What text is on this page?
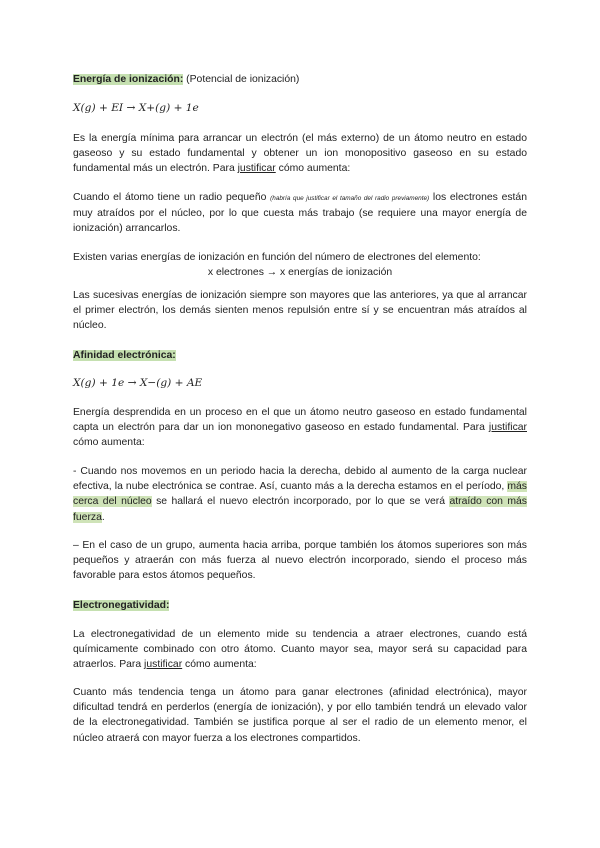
Energía de ionización: (Potencial de ionización)

X(g) + EI → X+(g) + 1e

Es la energía mínima para arrancar un electrón (el más externo) de un átomo neutro en estado gaseoso y su estado fundamental y obtener un ion monopositivo gaseoso en su estado fundamental más un electrón. Para justificar cómo aumenta:

Cuando el átomo tiene un radio pequeño (habría que justificar el tamaño del radio previamente) los electrones están muy atraídos por el núcleo, por lo que cuesta más trabajo (se requiere una mayor energía de ionización) arrancarlos.

Existen varias energías de ionización en función del número de electrones del elemento:

x electrones → x energías de ionización

Las sucesivas energías de ionización siempre son mayores que las anteriores, ya que al arrancar el primer electrón, los demás sienten menos repulsión entre sí y se encuentran más atraídos al núcleo.

Afinidad electrónica:

X(g) + 1e → X−(g) + AE

Energía desprendida en un proceso en el que un átomo neutro gaseoso en estado fundamental capta un electrón para dar un ion mononegativo gaseoso en estado fundamental. Para justificar cómo aumenta:

- Cuando nos movemos en un periodo hacia la derecha, debido al aumento de la carga nuclear efectiva, la nube electrónica se contrae. Así, cuanto más a la derecha estamos en el período, más cerca del núcleo se hallará el nuevo electrón incorporado, por lo que se verá atraído con más fuerza.

– En el caso de un grupo, aumenta hacia arriba, porque también los átomos superiores son más pequeños y atraerán con más fuerza al nuevo electrón incorporado, siendo el proceso más favorable para estos átomos pequeños.

Electronegatividad:

La electronegatividad de un elemento mide su tendencia a atraer electrones, cuando está químicamente combinado con otro átomo. Cuanto mayor sea, mayor será su capacidad para atraerlos. Para justificar cómo aumenta:

Cuanto más tendencia tenga un átomo para ganar electrones (afinidad electrónica), mayor dificultad tendrá en perderlos (energía de ionización), y por ello también tendrá un elevado valor de la electronegatividad. También se justifica porque al ser el radio de un elemento menor, el núcleo atraerá con mayor fuerza a los electrones compartidos.
